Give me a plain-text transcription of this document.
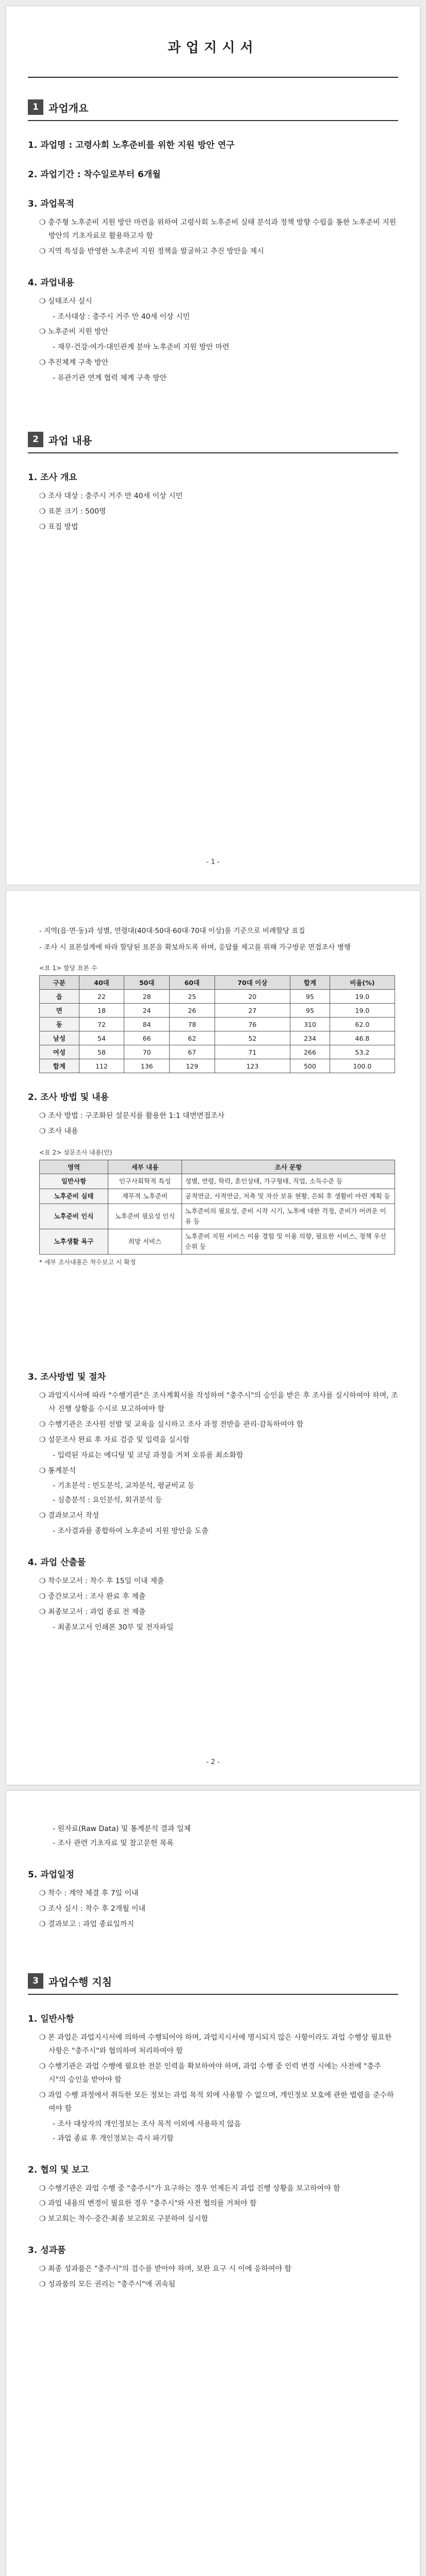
과업지시서
1 과업개요
1. 과업명 : 고령사회 노후준비를 위한 지원 방안 연구
2. 과업기간 : 착수일로부터 6개월
3. 과업목적
❍ 충주형 노후준비 지원 방안 마련을 위하여 고령사회 노후준비 실태 분석과 정책 방향 수립을 통한 노후준비 지원 방안의 기초자료로 활용하고자 함
❍ 지역 특성을 반영한 노후준비 지원 정책을 발굴하고 추진 방안을 제시
4. 과업내용
❍ 실태조사 실시
- 조사대상 : 충주시 거주 만 40세 이상 시민
❍ 노후준비 지원 방안
- 재무·건강·여가·대인관계 분야 노후준비 지원 방안 마련
❍ 추진체계 구축 방안
- 유관기관 연계 협력 체계 구축 방안
2 과업 내용
1. 조사 개요
❍ 조사 대상 : 충주시 거주 만 40세 이상 시민
❍ 표본 크기 : 500명
❍ 표집 방법
- 1 -
- 지역(읍·면·동)과 성별, 연령대(40대·50대·60대·70대 이상)를 기준으로 비례할당 표집
- 조사 시 표본설계에 따라 할당된 표본을 확보하도록 하며, 응답률 제고를 위해 가구방문 면접조사 병행
<표 1> 할당 표본 수
구분	40대	50대	60대	70대 이상	합계	비율(%)
읍	22	28	25	20	95	19.0
면	18	24	26	27	95	19.0
동	72	84	78	76	310	62.0
남성	54	66	62	52	234	46.8
여성	58	70	67	71	266	53.2
합계	112	136	129	123	500	100.0
2. 조사 방법 및 내용
❍ 조사 방법 : 구조화된 설문지를 활용한 1:1 대면면접조사
❍ 조사 내용
<표 2> 설문조사 내용(안)
영역	세부 내용	조사 문항
일반사항	인구사회학적 특성	성별, 연령, 학력, 혼인상태, 가구형태, 직업, 소득수준 등
노후준비 실태	재무적 노후준비	공적연금, 사적연금, 저축 및 자산 보유 현황, 은퇴 후 생활비 마련 계획 등
노후준비 인식	노후준비 필요성 인식	노후준비의 필요성, 준비 시작 시기, 노후에 대한 걱정, 준비가 어려운 이유 등
노후생활 욕구	희망 서비스	노후준비 지원 서비스 이용 경험 및 이용 의향, 필요한 서비스, 정책 우선순위 등
* 세부 조사내용은 착수보고 시 확정
3. 조사방법 및 절차
❍ 과업지시서에 따라 "수행기관"은 조사계획서를 작성하여 "충주시"의 승인을 받은 후 조사를 실시하여야 하며, 조사 진행 상황을 수시로 보고하여야 함
❍ 수행기관은 조사원 선발 및 교육을 실시하고 조사 과정 전반을 관리·감독하여야 함
❍ 설문조사 완료 후 자료 검증 및 입력을 실시함
- 입력된 자료는 에디팅 및 코딩 과정을 거쳐 오류를 최소화함
❍ 통계분석
- 기초분석 : 빈도분석, 교차분석, 평균비교 등
- 심층분석 : 요인분석, 회귀분석 등
❍ 결과보고서 작성
- 조사결과를 종합하여 노후준비 지원 방안을 도출
4. 과업 산출물
❍ 착수보고서 : 착수 후 15일 이내 제출
❍ 중간보고서 : 조사 완료 후 제출
❍ 최종보고서 : 과업 종료 전 제출
- 최종보고서 인쇄본 30부 및 전자파일
- 2 -
- 원자료(Raw Data) 및 통계분석 결과 일체
- 조사 관련 기초자료 및 참고문헌 목록
5. 과업일정
❍ 착수 : 계약 체결 후 7일 이내
❍ 조사 실시 : 착수 후 2개월 이내
❍ 결과보고 : 과업 종료일까지
3 과업수행 지침
1. 일반사항
❍ 본 과업은 과업지시서에 의하여 수행되어야 하며, 과업지시서에 명시되지 않은 사항이라도 과업 수행상 필요한 사항은 "충주시"와 협의하여 처리하여야 함
❍ 수행기관은 과업 수행에 필요한 전문 인력을 확보하여야 하며, 과업 수행 중 인력 변경 시에는 사전에 "충주시"의 승인을 받아야 함
❍ 과업 수행 과정에서 취득한 모든 정보는 과업 목적 외에 사용할 수 없으며, 개인정보 보호에 관한 법령을 준수하여야 함
- 조사 대상자의 개인정보는 조사 목적 이외에 사용하지 않음
- 과업 종료 후 개인정보는 즉시 파기함
2. 협의 및 보고
❍ 수행기관은 과업 수행 중 "충주시"가 요구하는 경우 언제든지 과업 진행 상황을 보고하여야 함
❍ 과업 내용의 변경이 필요한 경우 "충주시"와 사전 협의를 거쳐야 함
❍ 보고회는 착수·중간·최종 보고회로 구분하여 실시함
3. 성과품
❍ 최종 성과품은 "충주시"의 검수를 받아야 하며, 보완 요구 시 이에 응하여야 함
❍ 성과품의 모든 권리는 "충주시"에 귀속됨
